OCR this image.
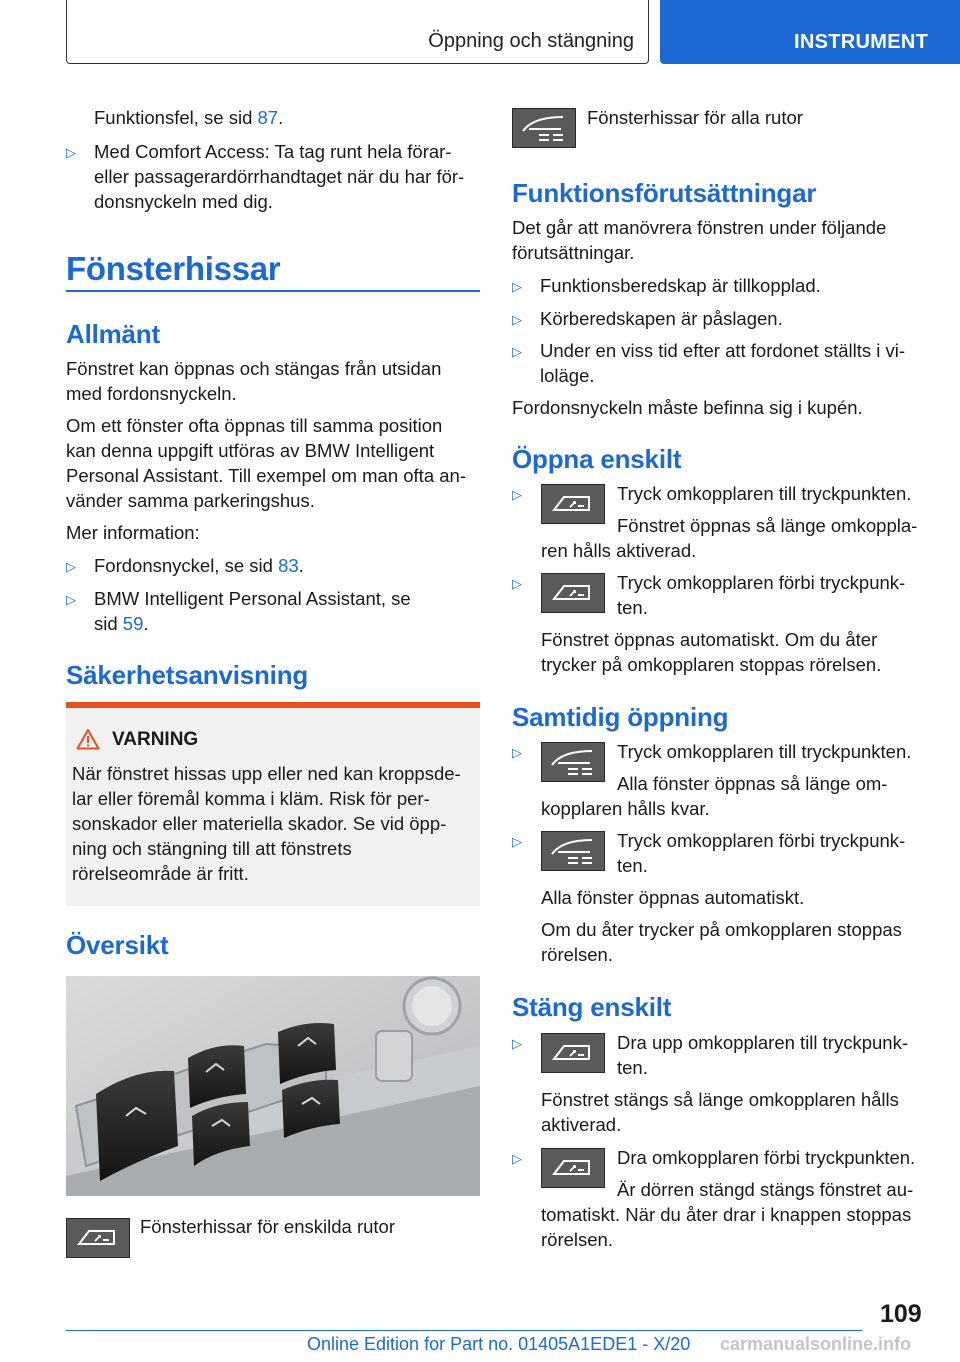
Öppning och stängning	INSTRUMENT
Funktionsfel, se sid 87.
▷ Med Comfort Access: Ta tag runt hela förar-
eller passagerardörrhandtaget när du har för-
donsnyckeln med dig.
Fönsterhissar
Allmänt
Fönstret kan öppnas och stängas från utsidan
med fordonsnyckeln.
Om ett fönster ofta öppnas till samma position
kan denna uppgift utföras av BMW Intelligent
Personal Assistant. Till exempel om man ofta an-
vänder samma parkeringshus.
Mer information:
▷ Fordonsnyckel, se sid 83.
▷ BMW Intelligent Personal Assistant, se
sid 59.
Säkerhetsanvisning
VARNING
När fönstret hissas upp eller ned kan kroppsde-
lar eller föremål komma i kläm. Risk för per-
sonskador eller materiella skador. Se vid öpp-
ning och stängning till att fönstrets
rörelseområde är fritt.
Översikt
Fönsterhissar för enskilda rutor
Fönsterhissar för alla rutor
Funktionsförutsättningar
Det går att manövrera fönstren under följande
förutsättningar.
▷ Funktionsberedskap är tillkopplad.
▷ Körberedskapen är påslagen.
▷ Under en viss tid efter att fordonet ställts i vi-
loläge.
Fordonsnyckeln måste befinna sig i kupén.
Öppna enskilt
▷	Tryck omkopplaren till tryckpunkten.
Fönstret öppnas så länge omkoppla-
ren hålls aktiverad.
▷	Tryck omkopplaren förbi tryckpunk-
ten.
Fönstret öppnas automatiskt. Om du åter
trycker på omkopplaren stoppas rörelsen.
Samtidig öppning
▷	Tryck omkopplaren till tryckpunkten.
Alla fönster öppnas så länge om-
kopplaren hålls kvar.
▷	Tryck omkopplaren förbi tryckpunk-
ten.
Alla fönster öppnas automatiskt.
Om du åter trycker på omkopplaren stoppas
rörelsen.
Stäng enskilt
▷	Dra upp omkopplaren till tryckpunk-
ten.
Fönstret stängs så länge omkopplaren hålls
aktiverad.
▷	Dra omkopplaren förbi tryckpunkten.
Är dörren stängd stängs fönstret au-
tomatiskt. När du åter drar i knappen stoppas
rörelsen.
109
Online Edition for Part no. 01405A1EDE1 - X/20 carmanualsonline.info
